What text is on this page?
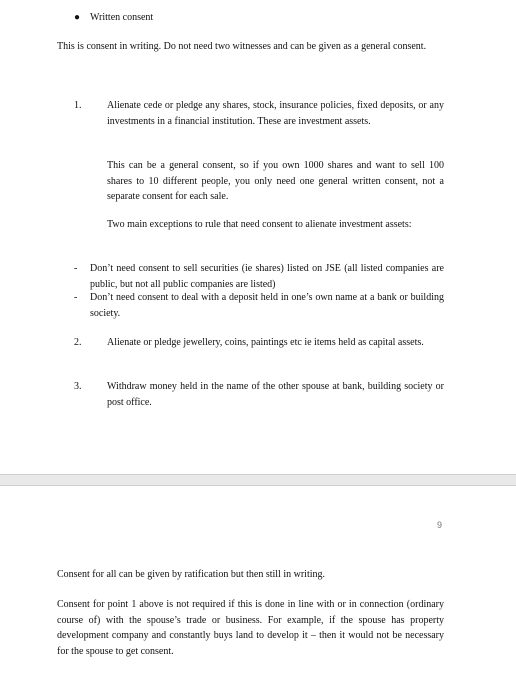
● Written consent
This is consent in writing. Do not need two witnesses and can be given as a general consent.
1.	Alienate cede or pledge any shares, stock, insurance policies, fixed deposits, or any investments in a financial institution. These are investment assets.
This can be a general consent, so if you own 1000 shares and want to sell 100 shares to 10 different people, you only need one general written consent, not a separate consent for each sale.
Two main exceptions to rule that need consent to alienate investment assets:
- Don’t need consent to sell securities (ie shares) listed on JSE (all listed companies are public, but not all public companies are listed)
- Don’t need consent to deal with a deposit held in one’s own name at a bank or building society.
2.	Alienate or pledge jewellery, coins, paintings etc ie items held as capital assets.
3.	Withdraw money held in the name of the other spouse at bank, building society or post office.
9
Consent for all can be given by ratification but then still in writing.
Consent for point 1 above is not required if this is done in line with or in connection (ordinary course of) with the spouse’s trade or business. For example, if the spouse has property development company and constantly buys land to develop it – then it would not be necessary for the spouse to get consent.
